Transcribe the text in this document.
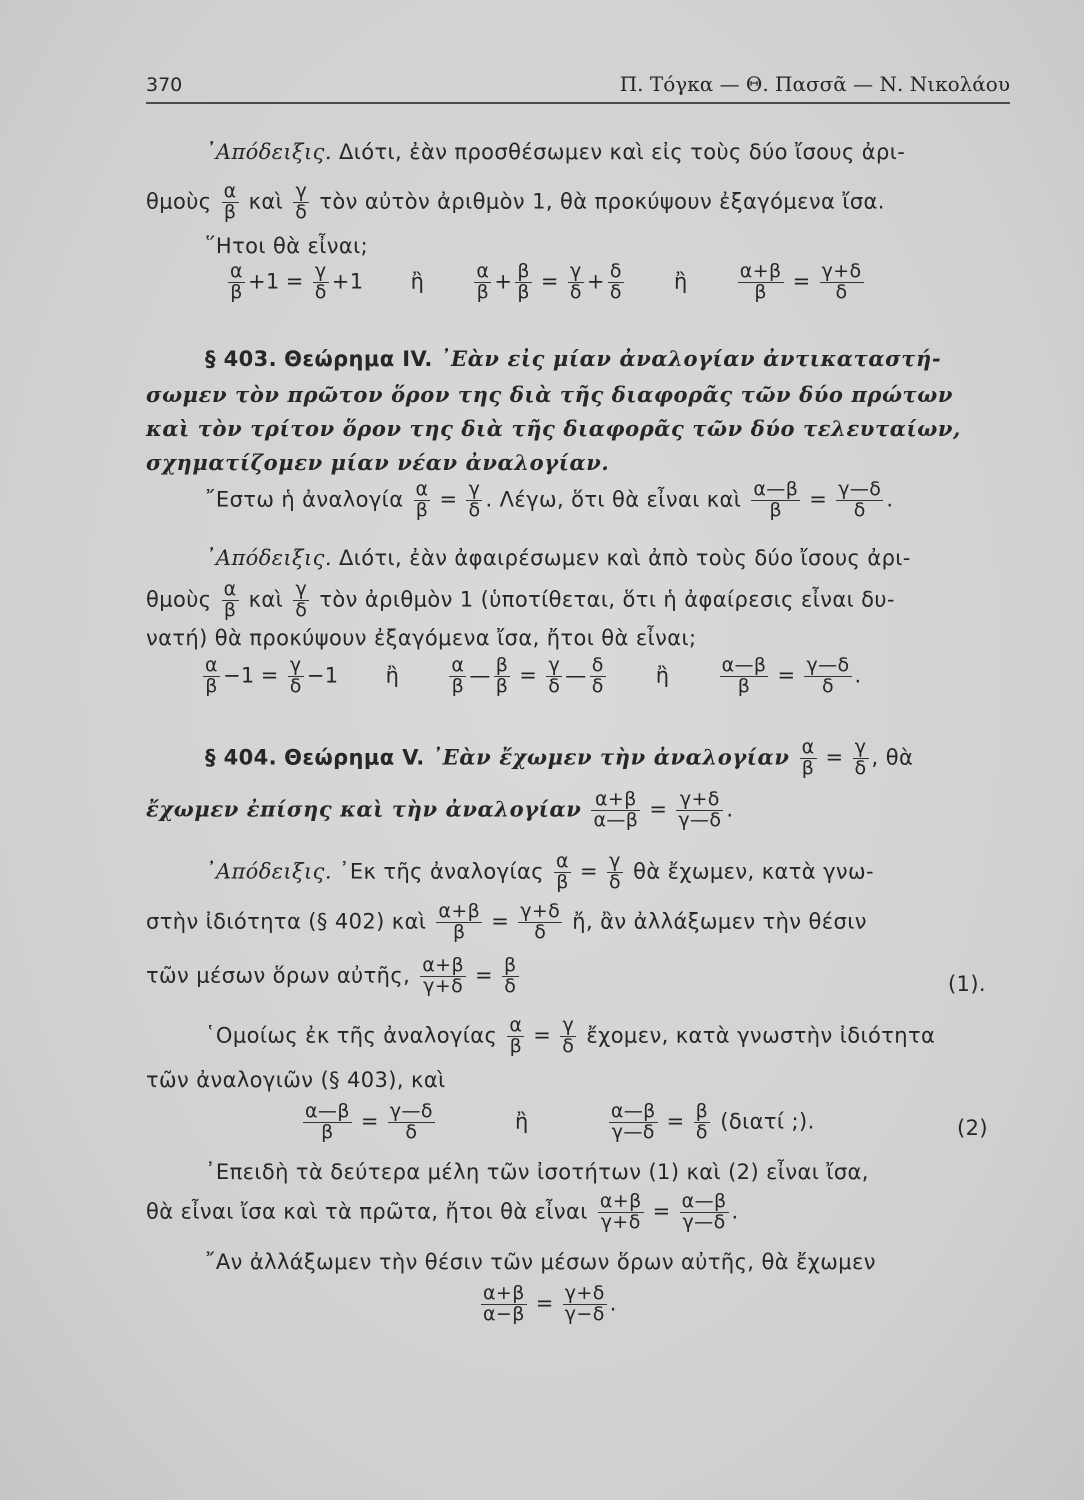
370	Π. Τόγκα — Θ. Πασσᾶ — Ν. Νικολάου
᾿Απόδειξις. Διότι, ἐὰν προσθέσωμεν καὶ εἰς τοὺς δύο ἴσους ἀρι-
θμοὺς $\frac{\alpha}{\beta}$ καὶ $\frac{\gamma}{\delta}$ τὸν αὐτὸν ἀριθμὸν 1, θὰ προκύψουν ἐξαγόμενα ἴσα.
῞Ητοι θὰ εἶναι;
$\frac{\alpha}{\beta} +1 = \frac{\gamma}{\delta} +1$ ἢ	$\frac{\alpha}{\beta} + \frac{\beta}{\beta} = \frac{\gamma}{\delta} + \frac{\delta}{\delta}$ ἢ	$\frac{\alpha+\beta}{\beta} = \frac{\gamma+\delta}{\delta}$
§ 403. Θεώρημα IV. ᾿Εὰν εἰς μίαν ἀναλογίαν ἀντικαταστή-
σωμεν τὸν πρῶτον ὅρον της διὰ τῆς διαφορᾶς τῶν δύο πρώτων
καὶ τὸν τρίτον ὅρον της διὰ τῆς διαφορᾶς τῶν δύο τελευταίων,
σχηματίζομεν μίαν νέαν ἀναλογίαν.
῎Εστω ἡ ἀναλογία $\frac{\alpha}{\beta} = \frac{\gamma}{\delta}$ . Λέγω, ὅτι θὰ εἶναι καὶ $\frac{\alpha—\beta}{\beta} = \frac{\gamma—\delta}{\delta}$ .
᾿Απόδειξις. Διότι, ἐὰν ἀφαιρέσωμεν καὶ ἀπὸ τοὺς δύο ἴσους ἀρι-
θμοὺς $\frac{\alpha}{\beta}$ καὶ $\frac{\gamma}{\delta}$ τὸν ἀριθμὸν 1 (ὑποτίθεται, ὅτι ἡ ἀφαίρεσις εἶναι δυ-
νατή) θὰ προκύψουν ἐξαγόμενα ἴσα, ἤτοι θὰ εἶναι;
$\frac{\alpha}{\beta} -1 = \frac{\gamma}{\delta} -1$ ἢ	$\frac{\alpha}{\beta}$ — $\frac{\beta}{\beta} = \frac{\gamma}{\delta}$ — $\frac{\delta}{\delta}$ ἢ	$\frac{\alpha—\beta}{\beta} = \frac{\gamma—\delta}{\delta}$ .
§ 404. Θεώρημα V. ᾿Εὰν ἔχωμεν τὴν ἀναλογίαν $\frac{\alpha}{\beta} = \frac{\gamma}{\delta}$ , θὰ
ἔχωμεν ἐπίσης καὶ τὴν ἀναλογίαν $\frac{\alpha+\beta}{\alpha—\beta} = \frac{\gamma+\delta}{\gamma—\delta}$ .
᾿Απόδειξις. ᾿Εκ τῆς ἀναλογίας $\frac{\alpha}{\beta} = \frac{\gamma}{\delta}$ θὰ ἔχωμεν, κατὰ γνω-
στὴν ἰδιότητα (§ 402) καὶ $\frac{\alpha+\beta}{\beta} = \frac{\gamma+\delta}{\delta}$ ἤ, ἂν ἀλλάξωμεν τὴν θέσιν
τῶν μέσων ὅρων αὐτῆς, $\frac{\alpha+\beta}{\gamma+\delta} = \frac{\beta}{\delta}$	(1).
῾Ομοίως ἐκ τῆς ἀναλογίας $\frac{\alpha}{\beta} = \frac{\gamma}{\delta}$ ἔχομεν, κατὰ γνωστὴν ἰδιότητα
τῶν ἀναλογιῶν (§ 403), καὶ
$\frac{\alpha—\beta}{\beta} = \frac{\gamma—\delta}{\delta}$	ἢ	$\frac{\alpha—\beta}{\gamma—\delta} = \frac{\beta}{\delta} (\delta\iota\alpha\tau ί$ ;).	(2)
᾿Επειδὴ τὰ δεύτερα μέλη τῶν ἰσοτήτων (1) καὶ (2) εἶναι ἴσα,
θὰ εἶναι ἴσα καὶ τὰ πρῶτα, ἤτοι θὰ εἶναι $\frac{\alpha+\beta}{\gamma+\delta} = \frac{\alpha—\beta}{\gamma—\delta}$ .
῎Αν ἀλλάξωμεν τὴν θέσιν τῶν μέσων ὅρων αὐτῆς, θὰ ἔχωμεν
$\frac{\alpha+\beta}{\alpha-\beta} = \frac{\gamma+\delta}{\gamma-\delta}$ .
